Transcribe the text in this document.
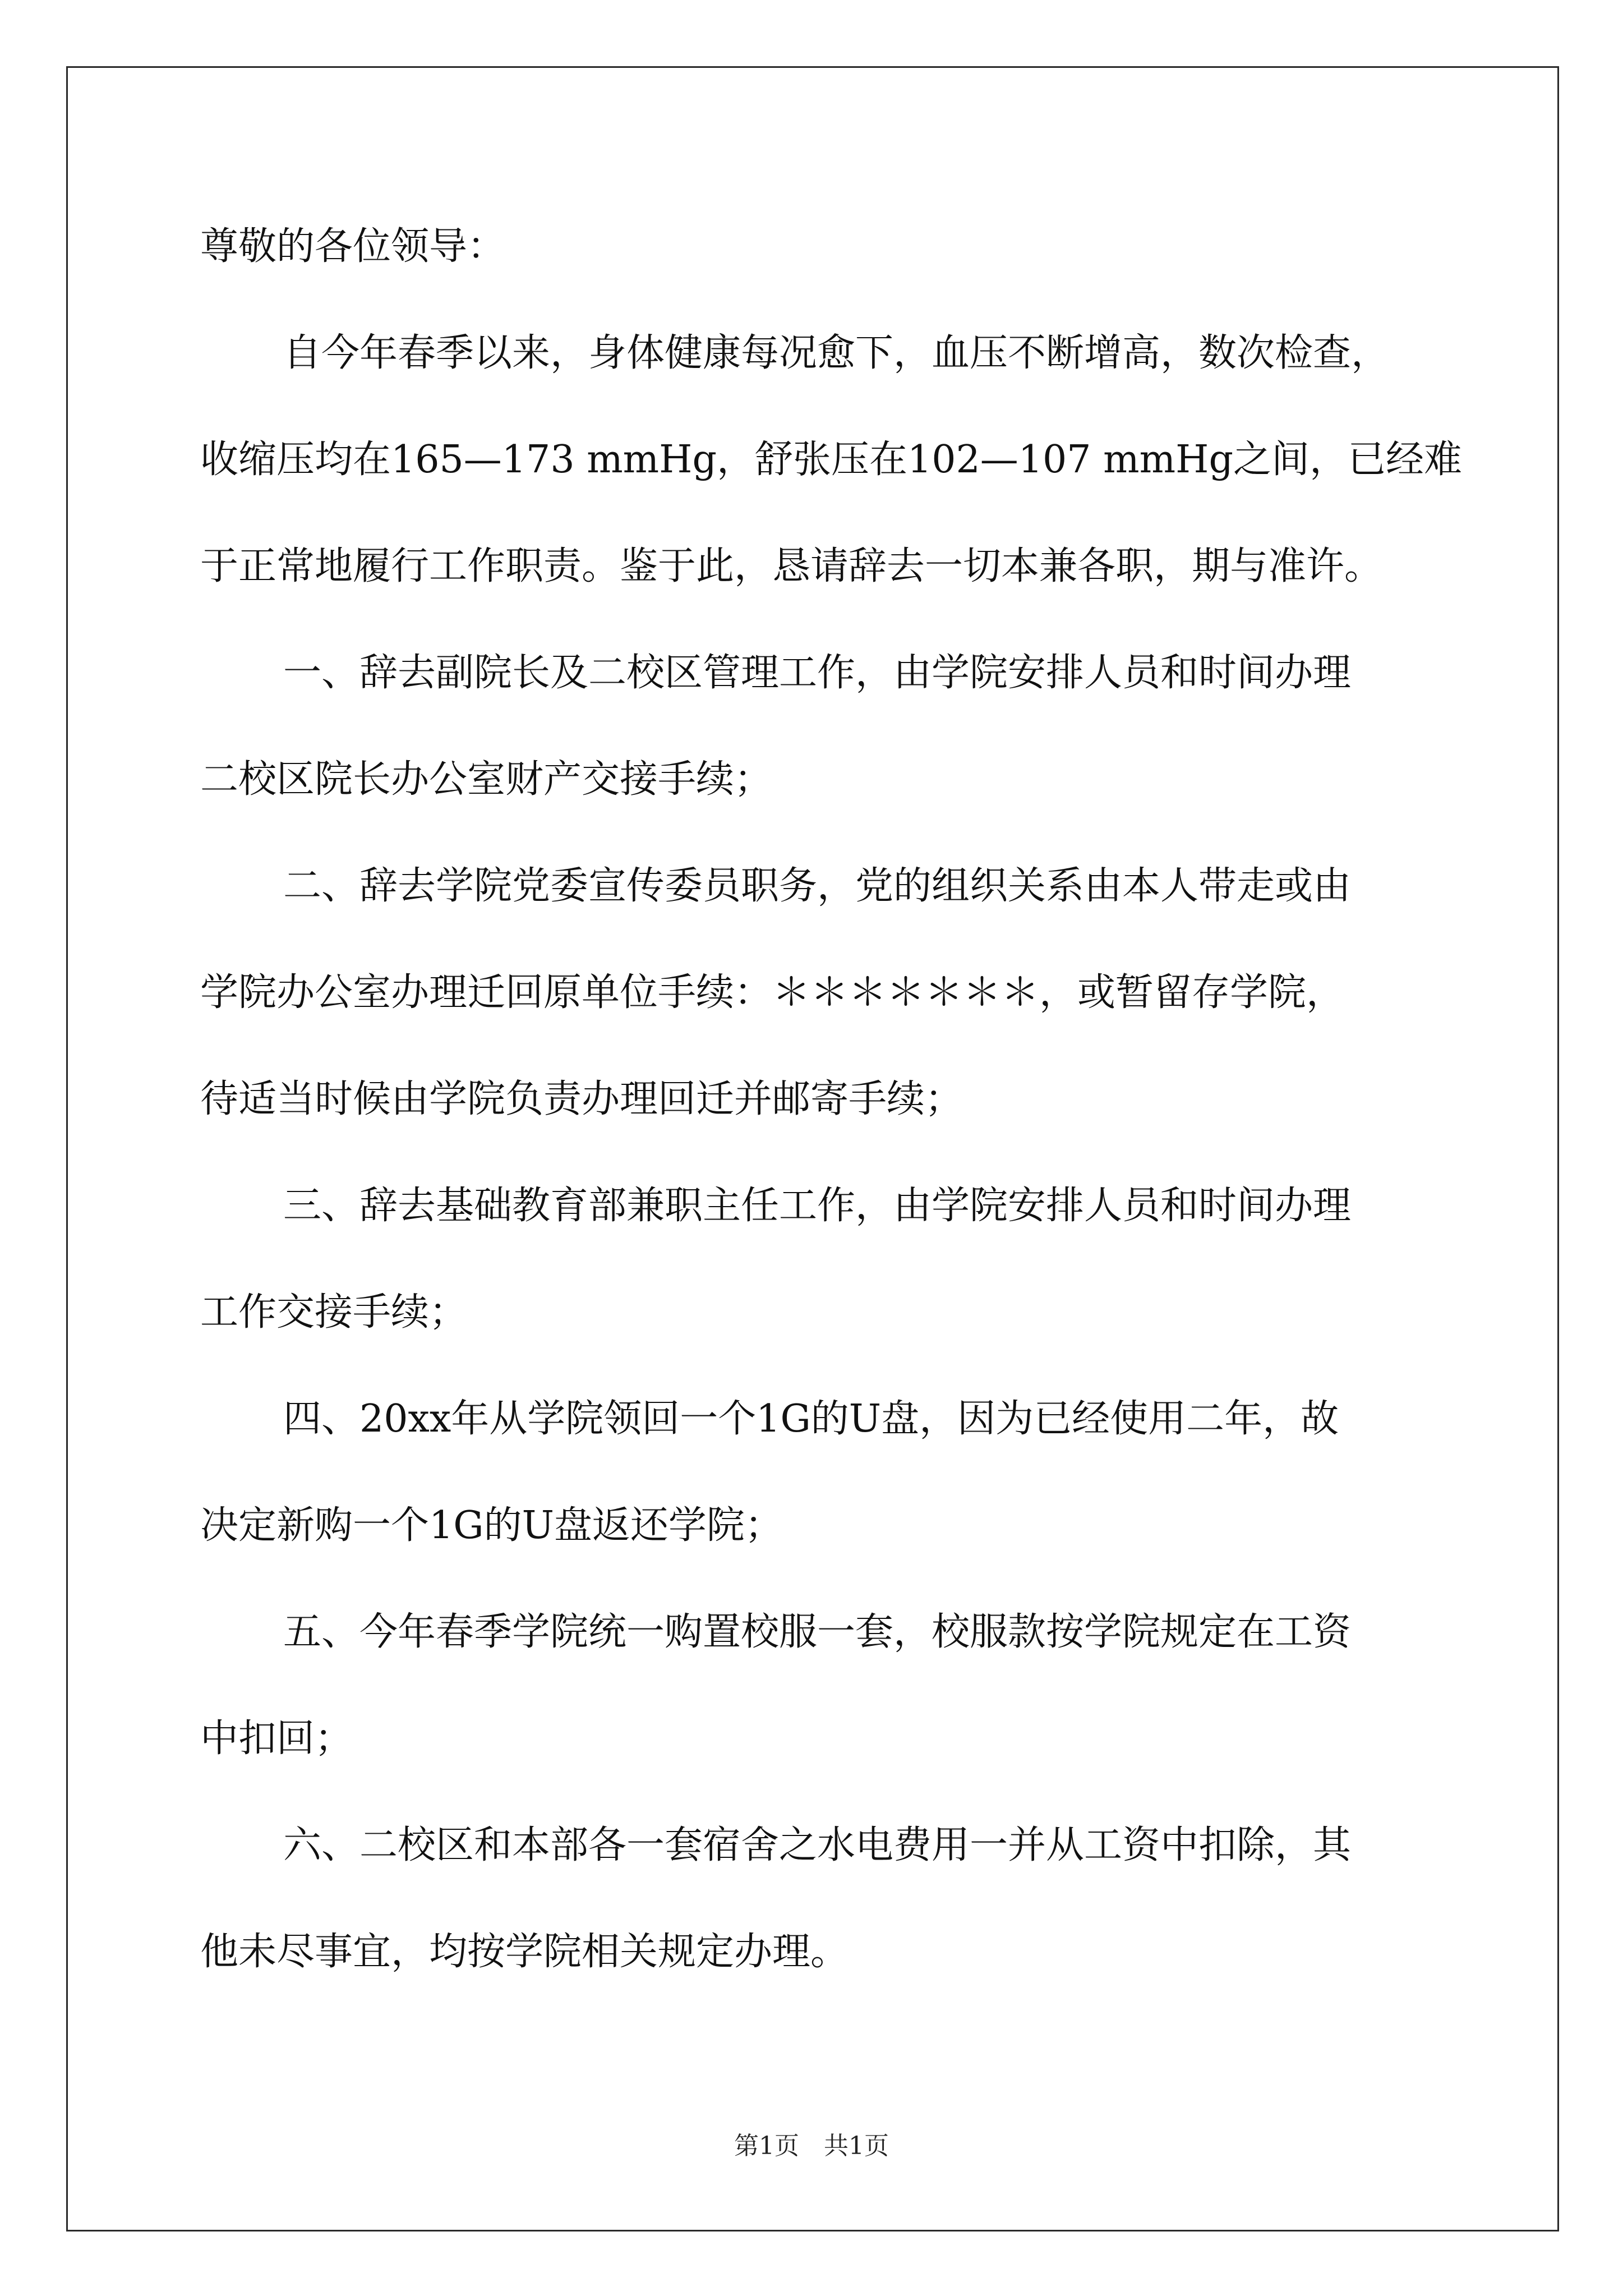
尊敬的各位领导：
自今年春季以来，身体健康每况愈下，血压不断增高，数次检查，
收缩压均在165—173 mmHg，舒张压在102—107 mmHg之间，已经难
于正常地履行工作职责。鉴于此，恳请辞去一切本兼各职，期与准许。
一、辞去副院长及二校区管理工作，由学院安排人员和时间办理
二校区院长办公室财产交接手续；
二、辞去学院党委宣传委员职务，党的组织关系由本人带走或由
学院办公室办理迁回原单位手续：＊＊＊＊＊＊＊，或暂留存学院，
待适当时候由学院负责办理回迁并邮寄手续；
三、辞去基础教育部兼职主任工作，由学院安排人员和时间办理
工作交接手续；
四、20xx年从学院领回一个1G的U盘，因为已经使用二年，故
决定新购一个1G的U盘返还学院；
五、今年春季学院统一购置校服一套，校服款按学院规定在工资
中扣回；
六、二校区和本部各一套宿舍之水电费用一并从工资中扣除，其
他未尽事宜，均按学院相关规定办理。
第1页　共1页
